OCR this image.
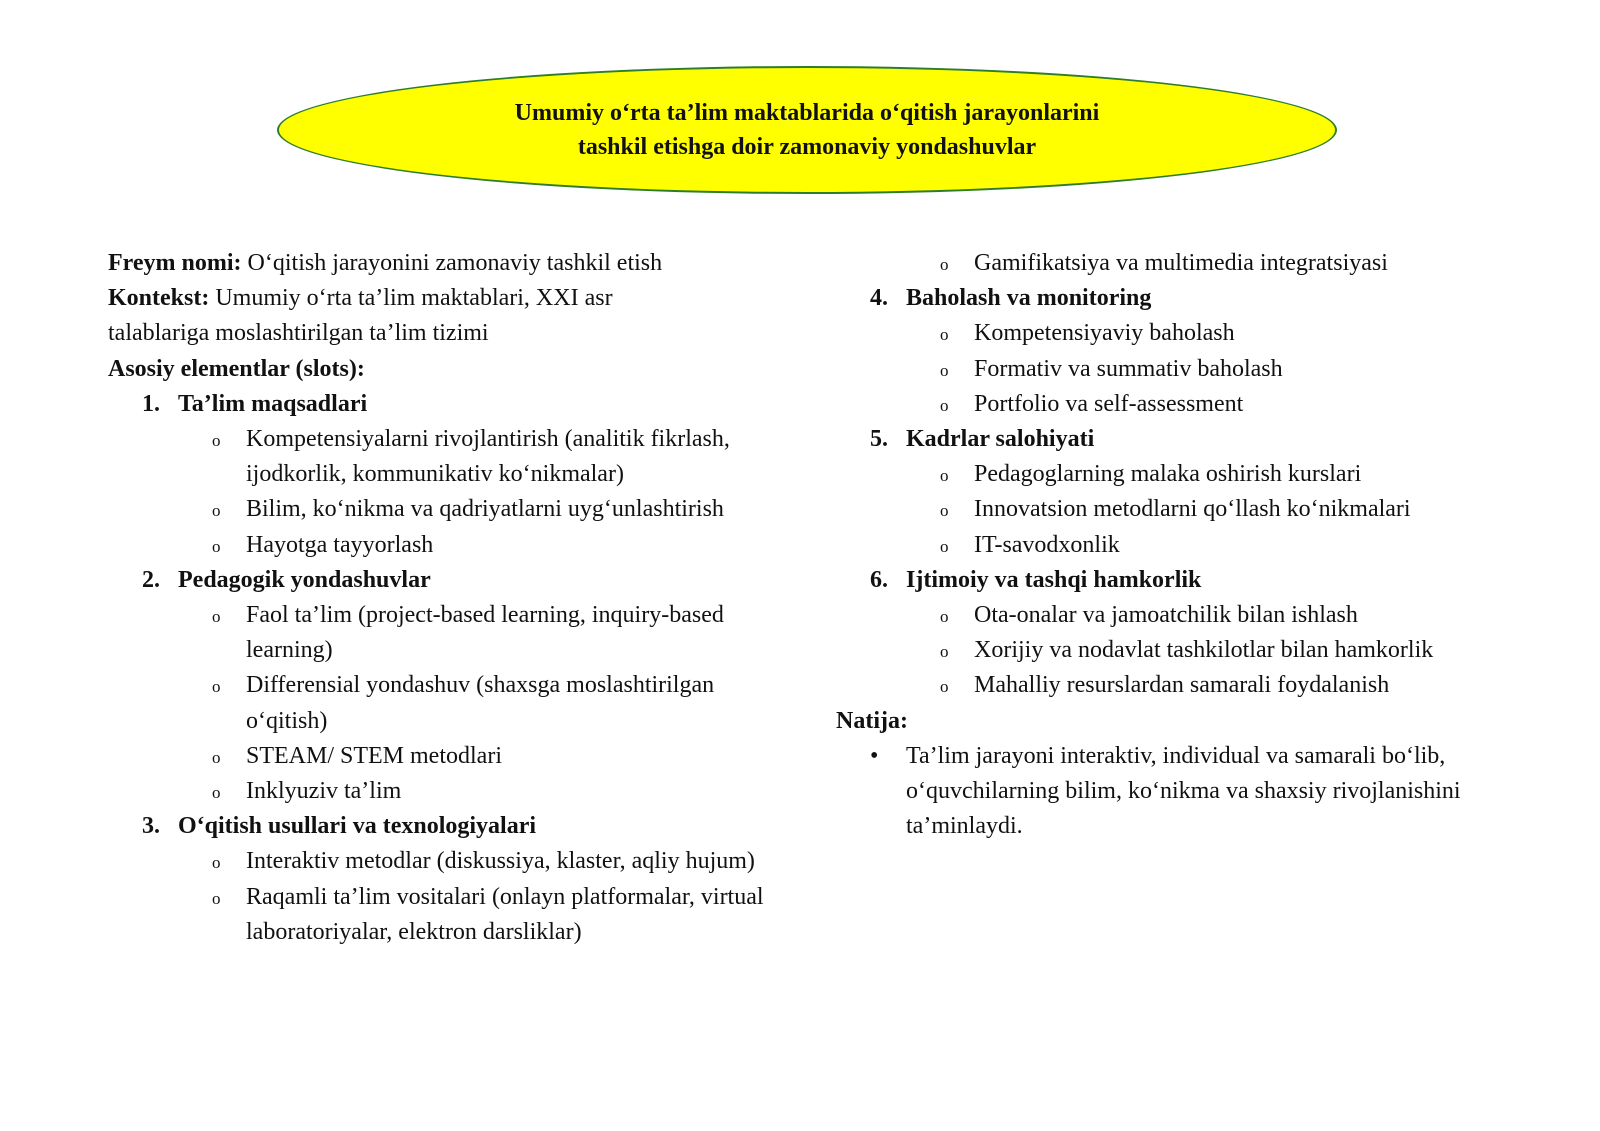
Umumiy oʻrta taʼlim maktablarida oʻqitish jarayonlarini
tashkil etishga doir zamonaviy yondashuvlar
Freym nomi: Oʻqitish jarayonini zamonaviy tashkil etish
Kontekst: Umumiy oʻrta taʼlim maktablari, XXI asr
talablariga moslashtirilgan taʼlim tizimi
Asosiy elementlar (slots):
1. Taʼlim maqsadlari
o Kompetensiyalarni rivojlantirish (analitik fikrlash, ijodkorlik, kommunikativ koʻnikmalar)
o Bilim, koʻnikma va qadriyatlarni uygʻunlashtirish
o Hayotga tayyorlash
2. Pedagogik yondashuvlar
o Faol taʼlim (project-based learning, inquiry-based learning)
o Differensial yondashuv (shaxsga moslashtirilgan oʻqitish)
o STEAM/ STEM metodlari
o Inklyuziv taʼlim
3. Oʻqitish usullari va texnologiyalari
o Interaktiv metodlar (diskussiya, klaster, aqliy hujum)
o Raqamli taʼlim vositalari (onlayn platformalar, virtual laboratoriyalar, elektron darsliklar)
o Gamifikatsiya va multimedia integratsiyasi
4. Baholash va monitoring
o Kompetensiyaviy baholash
o Formativ va summativ baholash
o Portfolio va self-assessment
5. Kadrlar salohiyati
o Pedagoglarning malaka oshirish kurslari
o Innovatsion metodlarni qoʻllash koʻnikmalari
o IT-savodxonlik
6. Ijtimoiy va tashqi hamkorlik
o Ota-onalar va jamoatchilik bilan ishlash
o Xorijiy va nodavlat tashkilotlar bilan hamkorlik
o Mahalliy resurslardan samarali foydalanish
Natija:
• Taʼlim jarayoni interaktiv, individual va samarali boʻlib, oʻquvchilarning bilim, koʻnikma va shaxsiy rivojlanishini taʼminlaydi.
